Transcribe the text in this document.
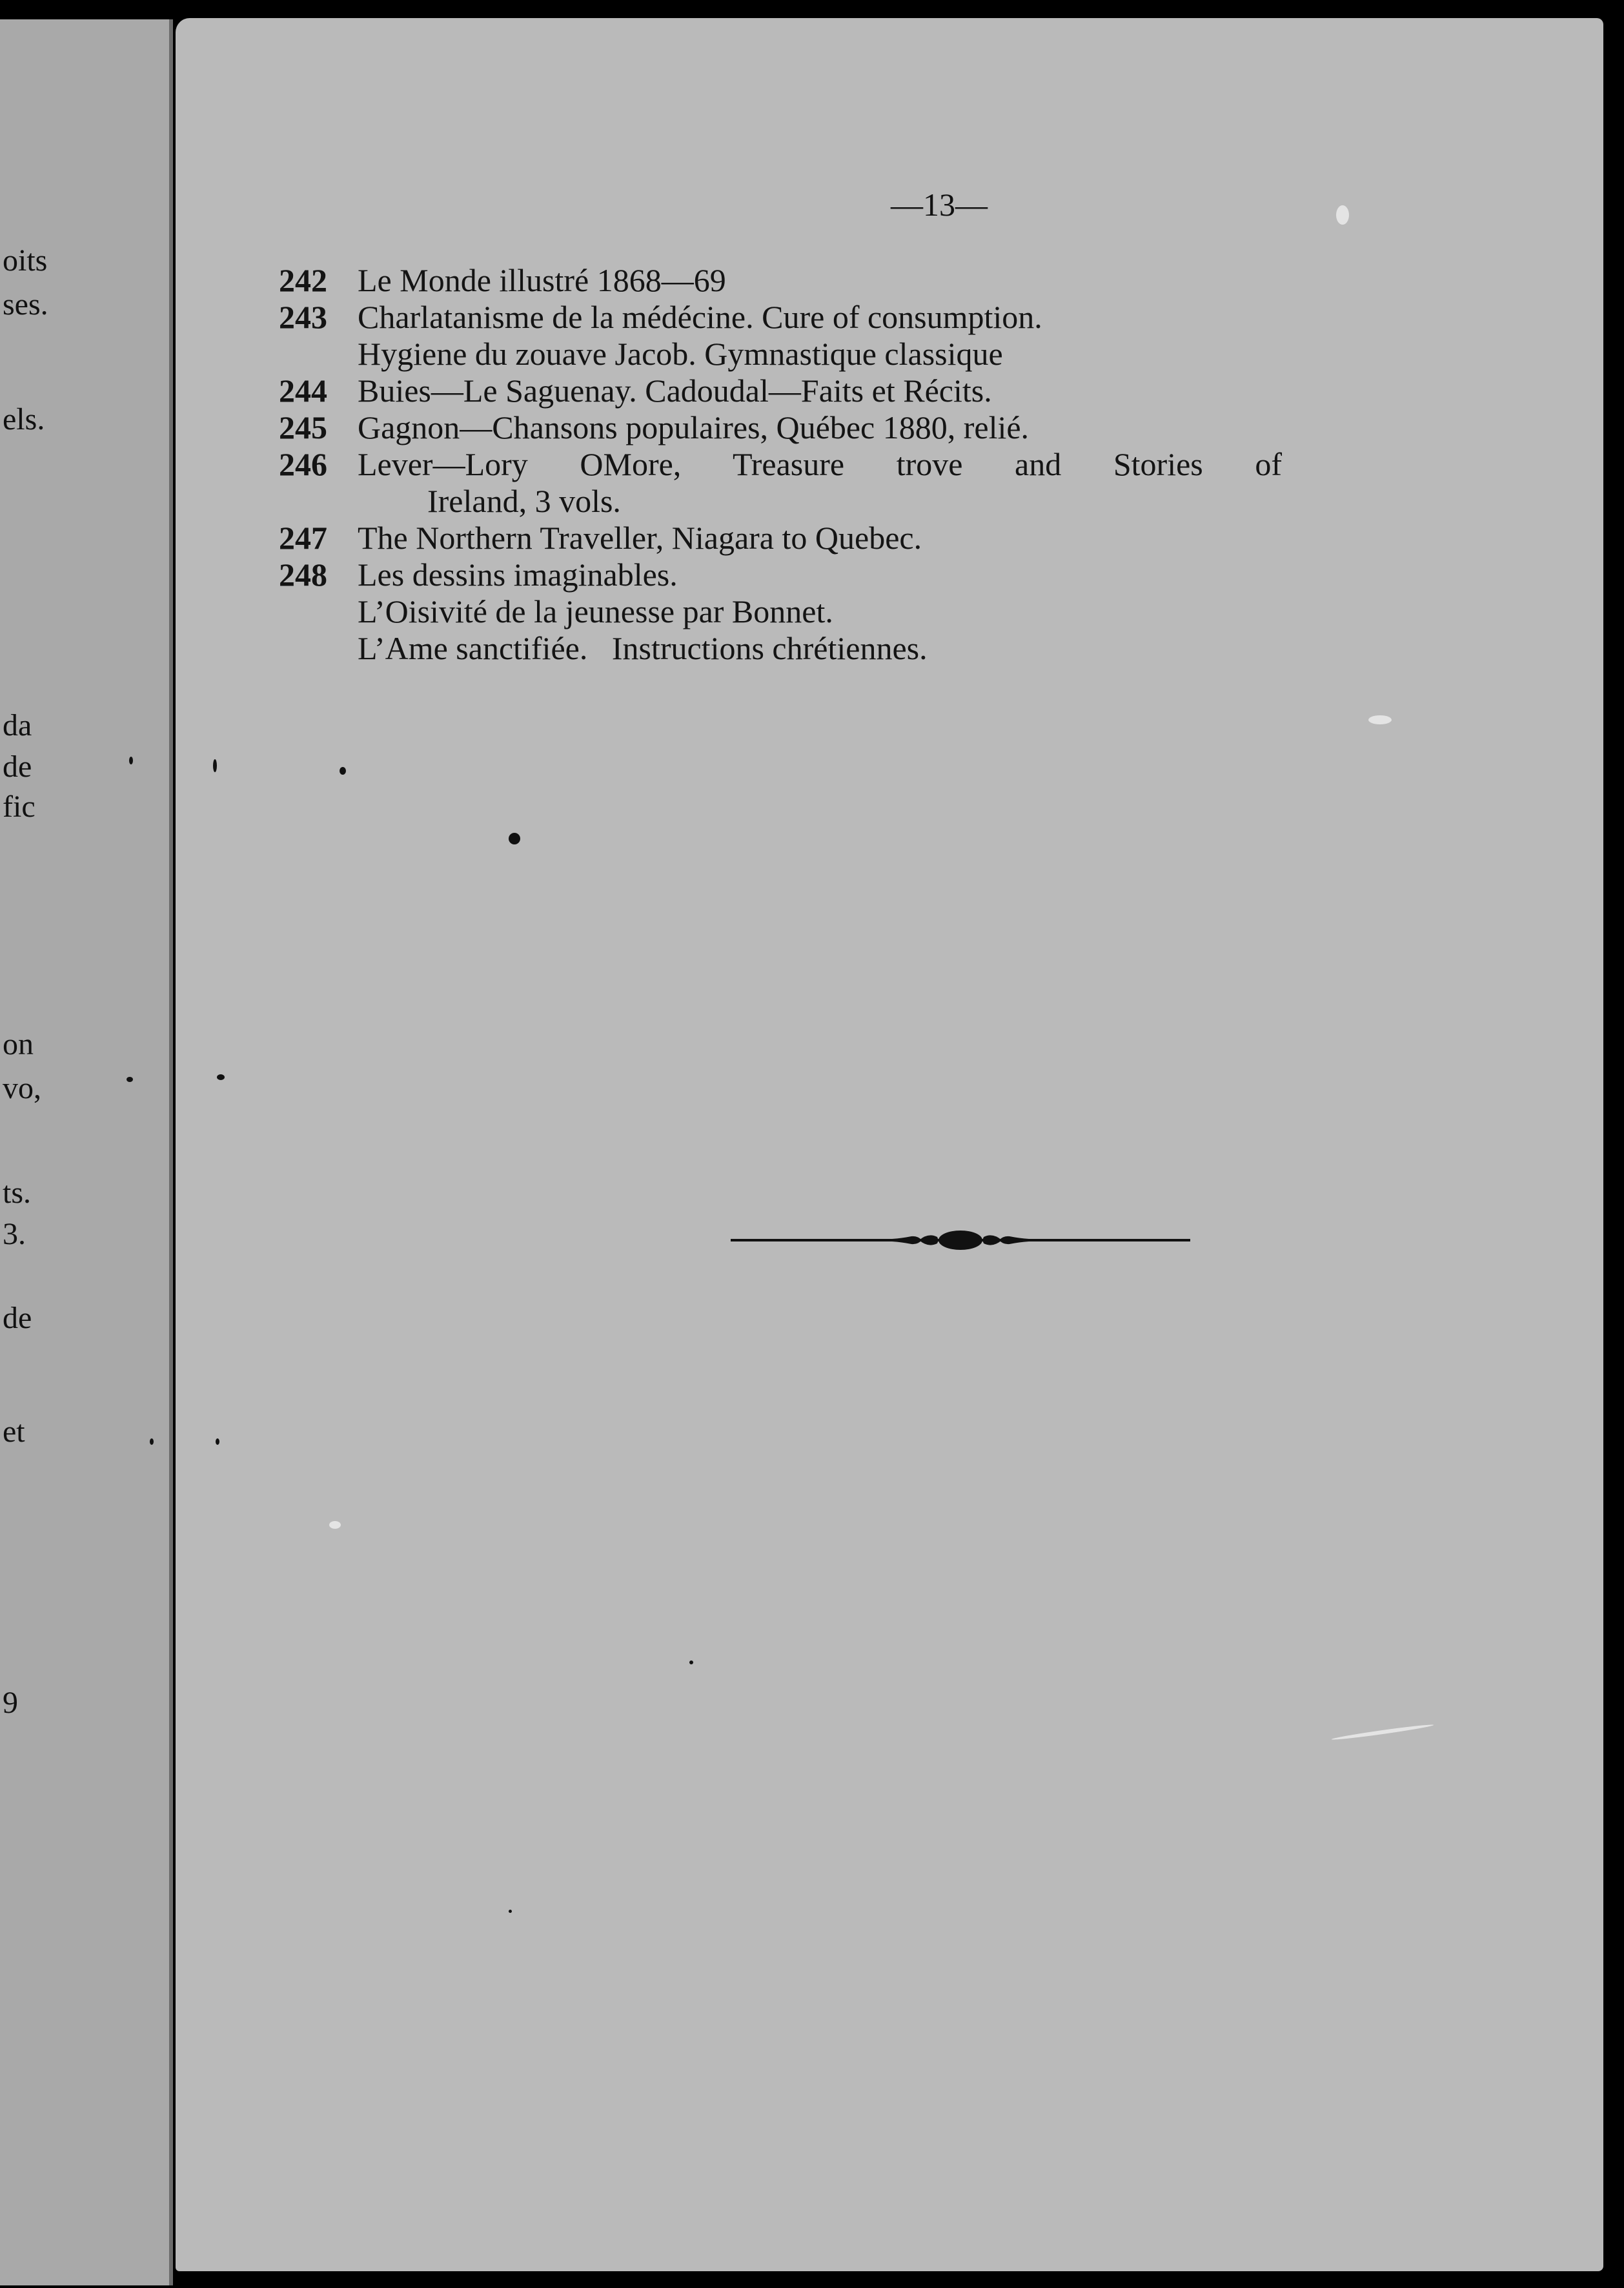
oits
ses.
els.
da
de
fic
on
vo,
ts.
3.
de
et
9
—13—
242 Le Monde illustré 1868—69
243 Charlatanisme de la médécine. Cure of consumption.
Hygiene du zouave Jacob. Gymnastique classique
244 Buies—Le Saguenay. Cadoudal—Faits et Récits.
245 Gagnon—Chansons populaires, Québec 1880, relié.
246 Lever—Lory OMore, Treasure trove and Stories of
Ireland, 3 vols.
247 The Northern Traveller, Niagara to Quebec.
248 Les dessins imaginables.
L’Oisivité de la jeunesse par Bonnet.
L’Ame sanctifiée.   Instructions chrétiennes.
